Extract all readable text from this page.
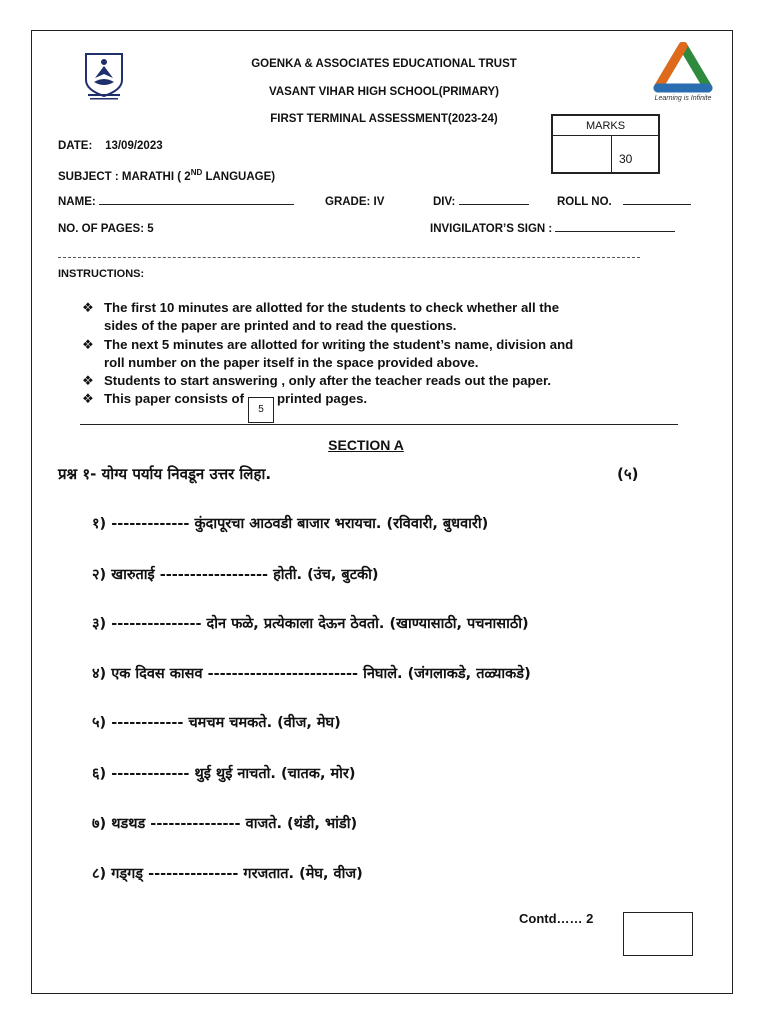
Learning is Infinite
GOENKA & ASSOCIATES EDUCATIONAL TRUST
VASANT VIHAR HIGH SCHOOL(PRIMARY)
FIRST TERMINAL ASSESSMENT(2023-24)
MARKS
30
DATE: 13/09/2023
SUBJECT : MARATHI ( 2ND LANGUAGE)
NAME:	GRADE: IV	DIV:	ROLL NO.
NO. OF PAGES: 5	INVIGILATOR’S SIGN :
INSTRUCTIONS:
❖ The first 10 minutes are allotted for the students to check whether all the
sides of the paper are printed and to read the questions.
❖ The next 5 minutes are allotted for writing the student’s name, division and
roll number on the paper itself in the space provided above.
❖ Students to start answering , only after the teacher reads out the paper.
❖ This paper consists of5printed pages.
SECTION A
प्रश्न १- योग्य पर्याय निवडून उत्तर लिहा.	(५)
१) ------------- कुंदापूरचा आठवडी बाजार भरायचा. (रविवारी, बुधवारी)
२) खारुताई ------------------ होती. (उंच, बुटकी)
३) --------------- दोन फळे, प्रत्येकाला देऊन ठेवतो. (खाण्यासाठी, पचनासाठी)
४) एक दिवस कासव ------------------------- निघाले. (जंगलाकडे, तळ्याकडे)
५) ------------ चमचम चमकते. (वीज, मेघ)
६) ------------- थुई थुई नाचतो. (चातक, मोर)
७) थडथड --------------- वाजते. (थंडी, भांडी)
८) गड्गड् --------------- गरजतात. (मेघ, वीज)
Contd…… 2
